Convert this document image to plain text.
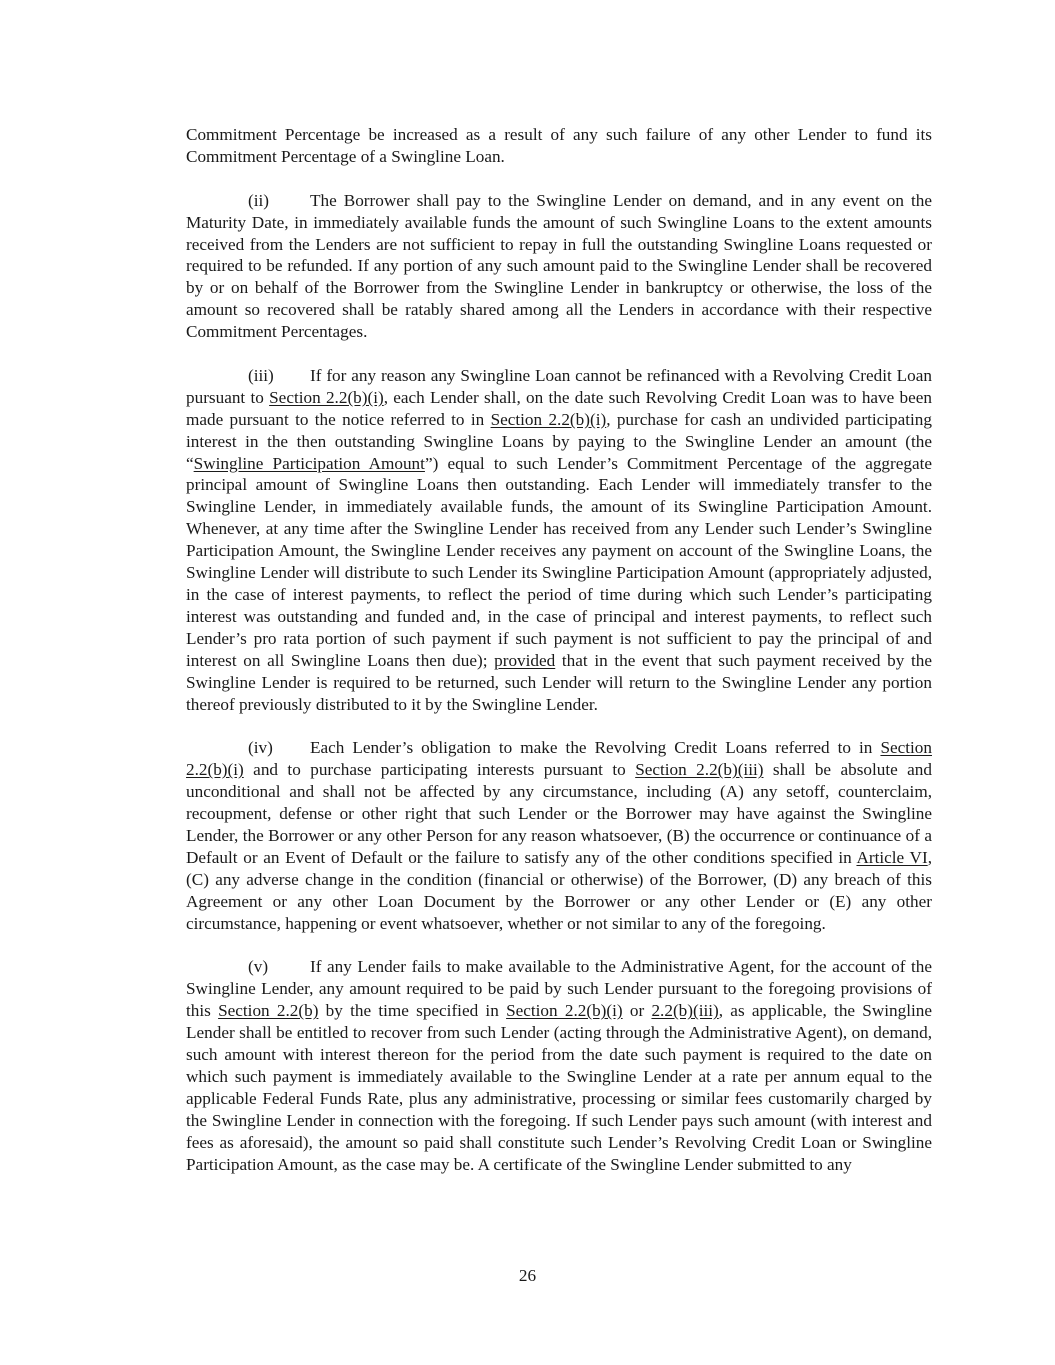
Commitment Percentage be increased as a result of any such failure of any other Lender to fund its Commitment Percentage of a Swingline Loan.

(ii) The Borrower shall pay to the Swingline Lender on demand, and in any event on the Maturity Date, in immediately available funds the amount of such Swingline Loans to the extent amounts received from the Lenders are not sufficient to repay in full the outstanding Swingline Loans requested or required to be refunded. If any portion of any such amount paid to the Swingline Lender shall be recovered by or on behalf of the Borrower from the Swingline Lender in bankruptcy or otherwise, the loss of the amount so recovered shall be ratably shared among all the Lenders in accordance with their respective Commitment Percentages.

(iii) If for any reason any Swingline Loan cannot be refinanced with a Revolving Credit Loan pursuant to Section 2.2(b)(i), each Lender shall, on the date such Revolving Credit Loan was to have been made pursuant to the notice referred to in Section 2.2(b)(i), purchase for cash an undivided participating interest in the then outstanding Swingline Loans by paying to the Swingline Lender an amount (the “Swingline Participation Amount”) equal to such Lender’s Commitment Percentage of the aggregate principal amount of Swingline Loans then outstanding. Each Lender will immediately transfer to the Swingline Lender, in immediately available funds, the amount of its Swingline Participation Amount. Whenever, at any time after the Swingline Lender has received from any Lender such Lender’s Swingline Participation Amount, the Swingline Lender receives any payment on account of the Swingline Loans, the Swingline Lender will distribute to such Lender its Swingline Participation Amount (appropriately adjusted, in the case of interest payments, to reflect the period of time during which such Lender’s participating interest was outstanding and funded and, in the case of principal and interest payments, to reflect such Lender’s pro rata portion of such payment if such payment is not sufficient to pay the principal of and interest on all Swingline Loans then due); provided that in the event that such payment received by the Swingline Lender is required to be returned, such Lender will return to the Swingline Lender any portion thereof previously distributed to it by the Swingline Lender.

(iv) Each Lender’s obligation to make the Revolving Credit Loans referred to in Section 2.2(b)(i) and to purchase participating interests pursuant to Section 2.2(b)(iii) shall be absolute and unconditional and shall not be affected by any circumstance, including (A) any setoff, counterclaim, recoupment, defense or other right that such Lender or the Borrower may have against the Swingline Lender, the Borrower or any other Person for any reason whatsoever, (B) the occurrence or continuance of a Default or an Event of Default or the failure to satisfy any of the other conditions specified in Article VI, (C) any adverse change in the condition (financial or otherwise) of the Borrower, (D) any breach of this Agreement or any other Loan Document by the Borrower or any other Lender or (E) any other circumstance, happening or event whatsoever, whether or not similar to any of the foregoing.

(v) If any Lender fails to make available to the Administrative Agent, for the account of the Swingline Lender, any amount required to be paid by such Lender pursuant to the foregoing provisions of this Section 2.2(b) by the time specified in Section 2.2(b)(i) or 2.2(b)(iii), as applicable, the Swingline Lender shall be entitled to recover from such Lender (acting through the Administrative Agent), on demand, such amount with interest thereon for the period from the date such payment is required to the date on which such payment is immediately available to the Swingline Lender at a rate per annum equal to the applicable Federal Funds Rate, plus any administrative, processing or similar fees customarily charged by the Swingline Lender in connection with the foregoing. If such Lender pays such amount (with interest and fees as aforesaid), the amount so paid shall constitute such Lender’s Revolving Credit Loan or Swingline Participation Amount, as the case may be. A certificate of the Swingline Lender submitted to any

26
